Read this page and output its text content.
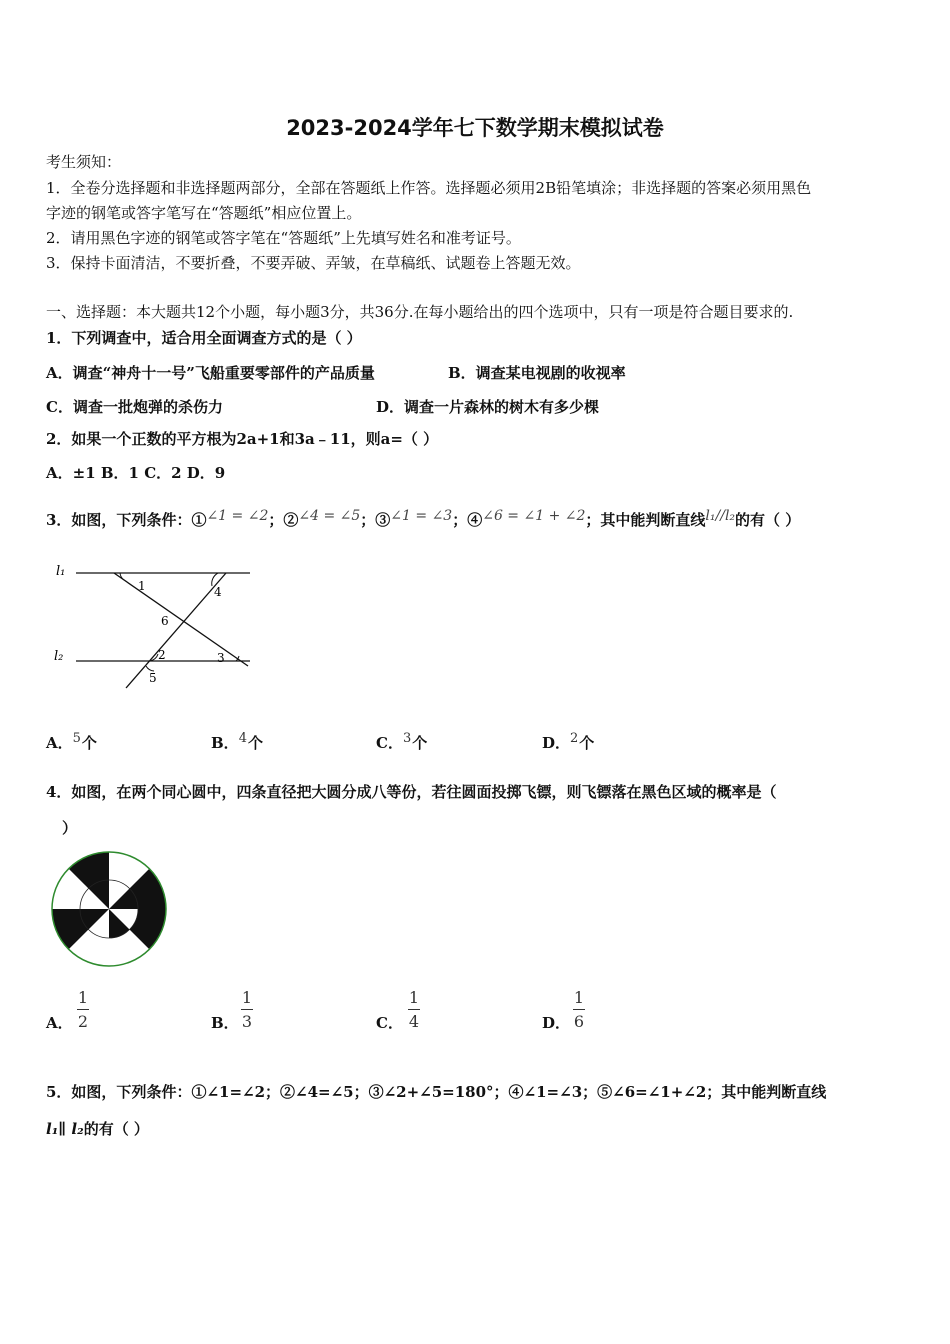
2023-2024学年七下数学期末模拟试卷
考生须知：
1．全卷分选择题和非选择题两部分，全部在答题纸上作答。选择题必须用2B铅笔填涂；非选择题的答案必须用黑色
字迹的钢笔或答字笔写在“答题纸”相应位置上。
2．请用黑色字迹的钢笔或答字笔在“答题纸”上先填写姓名和准考证号。
3．保持卡面清洁，不要折叠，不要弄破、弄皱，在草稿纸、试题卷上答题无效。
一、选择题：本大题共12个小题，每小题3分，共36分.在每小题给出的四个选项中，只有一项是符合题目要求的.
1．下列调查中，适合用全面调查方式的是（ ）
A．调查“神舟十一号”飞船重要零部件的产品质量	B．调查某电视剧的收视率
C．调查一批炮弹的杀伤力	D．调查一片森林的树木有多少棵
2．如果一个正数的平方根为2a+1和3a﹣11，则a=（ ）
A．±1 B．1 C．2 D．9
3．如图，下列条件：①∠1 = ∠2；②∠4 = ∠5；③∠1 = ∠3；④∠6 = ∠1 + ∠2；其中能判断直线l₁//l₂的有（ ）
l₁
l₂
1
2	3
4
5
6
A．5个	B．4个	C．3个	D．2个
4．如图，在两个同心圆中，四条直径把大圆分成八等份，若往圆面投掷飞镖，则飞镖落在黑色区域的概率是（
）
A．
1
2	B．
1
3	C．
1
4	D．
1
6
5．如图，下列条件：①∠1=∠2；②∠4=∠5；③∠2+∠5=180°；④∠1=∠3；⑤∠6=∠1+∠2；其中能判断直线
l₁∥ l₂的有（ ）
